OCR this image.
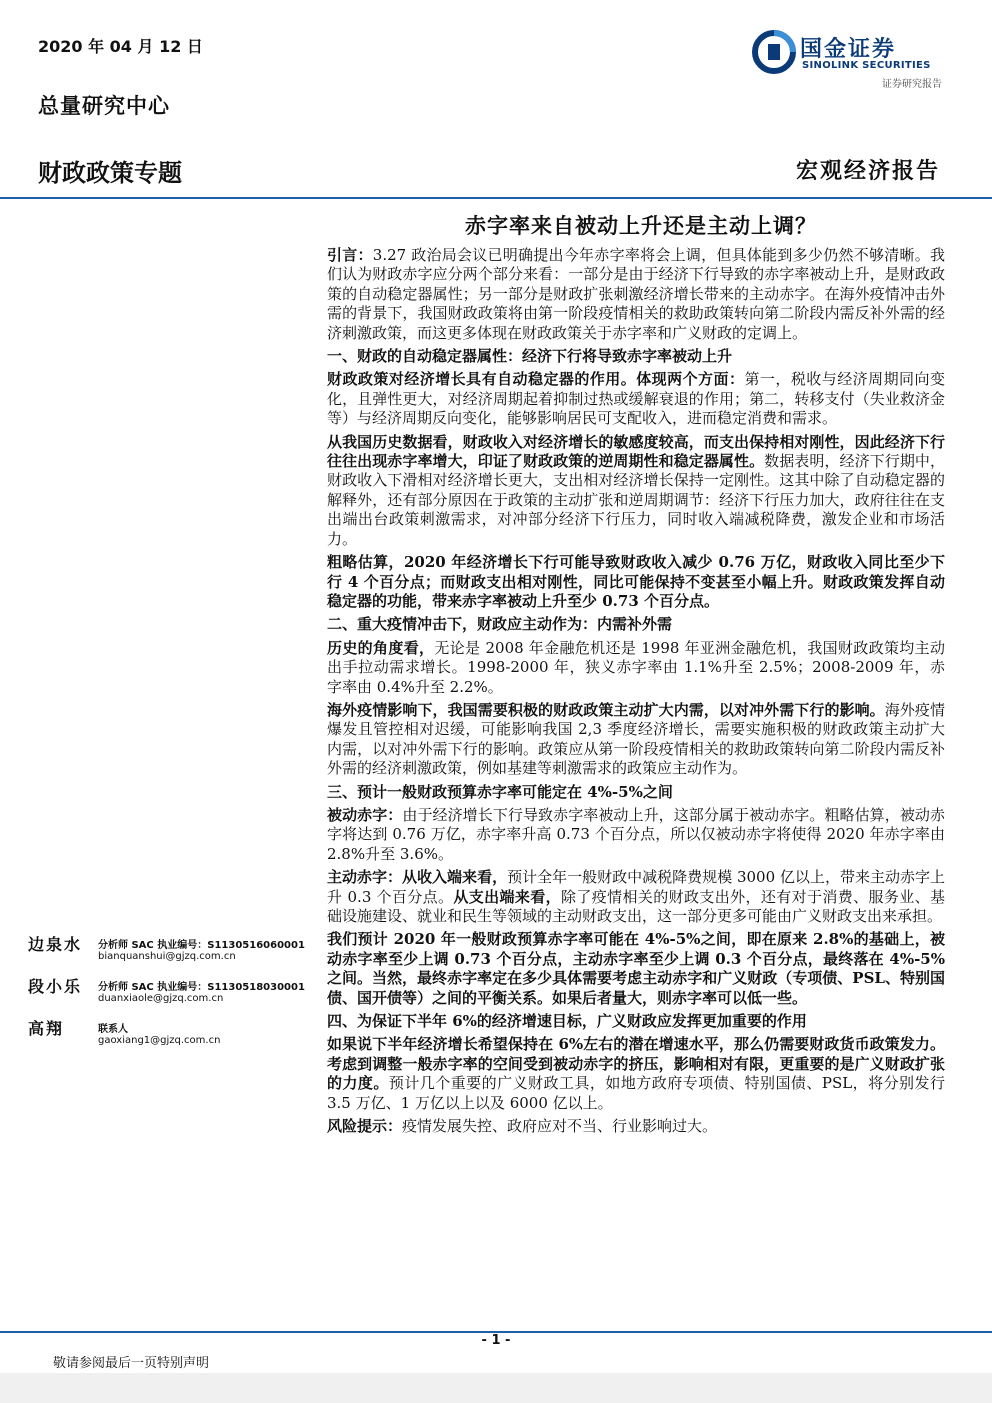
2020 年 04 月 12 日
总量研究中心
财政政策专题	宏观经济报告
国金证券
SINOLINK SECURITIES
证券研究报告
赤字率来自被动上升还是主动上调？

引言：3.27 政治局会议已明确提出今年赤字率将会上调，但具体能到多少仍然不够清晰。我们认为财政赤字应分两个部分来看：一部分是由于经济下行导致的赤字率被动上升，是财政政策的自动稳定器属性；另一部分是财政扩张刺激经济增长带来的主动赤字。在海外疫情冲击外需的背景下，我国财政政策将由第一阶段疫情相关的救助政策转向第二阶段内需反补外需的经济刺激政策，而这更多体现在财政政策关于赤字率和广义财政的定调上。

一、财政的自动稳定器属性：经济下行将导致赤字率被动上升

财政政策对经济增长具有自动稳定器的作用。体现两个方面：第一，税收与经济周期同向变化，且弹性更大，对经济周期起着抑制过热或缓解衰退的作用；第二，转移支付（失业救济金等）与经济周期反向变化，能够影响居民可支配收入，进而稳定消费和需求。

从我国历史数据看，财政收入对经济增长的敏感度较高，而支出保持相对刚性，因此经济下行往往出现赤字率增大，印证了财政政策的逆周期性和稳定器属性。数据表明，经济下行期中，财政收入下滑相对经济增长更大，支出相对经济增长保持一定刚性。这其中除了自动稳定器的解释外，还有部分原因在于政策的主动扩张和逆周期调节：经济下行压力加大，政府往往在支出端出台政策刺激需求，对冲部分经济下行压力，同时收入端减税降费，激发企业和市场活力。

粗略估算，2020 年经济增长下行可能导致财政收入减少 0.76 万亿，财政收入同比至少下行 4 个百分点；而财政支出相对刚性，同比可能保持不变甚至小幅上升。财政政策发挥自动稳定器的功能，带来赤字率被动上升至少 0.73 个百分点。

二、重大疫情冲击下，财政应主动作为：内需补外需

历史的角度看，无论是 2008 年金融危机还是 1998 年亚洲金融危机，我国财政政策均主动出手拉动需求增长。1998-2000 年，狭义赤字率由 1.1%升至 2.5%；2008-2009 年，赤字率由 0.4%升至 2.2%。

海外疫情影响下，我国需要积极的财政政策主动扩大内需，以对冲外需下行的影响。海外疫情爆发且管控相对迟缓，可能影响我国 2,3 季度经济增长，需要实施积极的财政政策主动扩大内需，以对冲外需下行的影响。政策应从第一阶段疫情相关的救助政策转向第二阶段内需反补外需的经济刺激政策，例如基建等刺激需求的政策应主动作为。

三、预计一般财政预算赤字率可能定在 4%-5%之间

被动赤字：由于经济增长下行导致赤字率被动上升，这部分属于被动赤字。粗略估算，被动赤字将达到 0.76 万亿，赤字率升高 0.73 个百分点，所以仅被动赤字将使得 2020 年赤字率由 2.8%升至 3.6%。

主动赤字：从收入端来看，预计全年一般财政中减税降费规模 3000 亿以上，带来主动赤字上升 0.3 个百分点。从支出端来看，除了疫情相关的财政支出外，还有对于消费、服务业、基础设施建设、就业和民生等领域的主动财政支出，这一部分更多可能由广义财政支出来承担。

我们预计 2020 年一般财政预算赤字率可能在 4%-5%之间，即在原来 2.8%的基础上，被动赤字率至少上调 0.73 个百分点，主动赤字率至少上调 0.3 个百分点，最终落在 4%-5%之间。当然，最终赤字率定在多少具体需要考虑主动赤字和广义财政（专项债、PSL、特别国债、国开债等）之间的平衡关系。如果后者量大，则赤字率可以低一些。

四、为保证下半年 6%的经济增速目标，广义财政应发挥更加重要的作用

如果说下半年经济增长希望保持在 6%左右的潜在增速水平，那么仍需要财政货币政策发力。考虑到调整一般赤字率的空间受到被动赤字的挤压，影响相对有限，更重要的是广义财政扩张的力度。预计几个重要的广义财政工具，如地方政府专项债、特别国债、PSL，将分别发行 3.5 万亿、1 万亿以上以及 6000 亿以上。

风险提示：疫情发展失控、政府应对不当、行业影响过大。

边泉水 分析师 SAC 执业编号：S1130516060001
bianquanshui@gjzq.com.cn
段小乐 分析师 SAC 执业编号：S1130518030001
duanxiaole@gjzq.com.cn
高翔	联系人
gaoxiang1@gjzq.com.cn
- 1 -
敬请参阅最后一页特别声明
